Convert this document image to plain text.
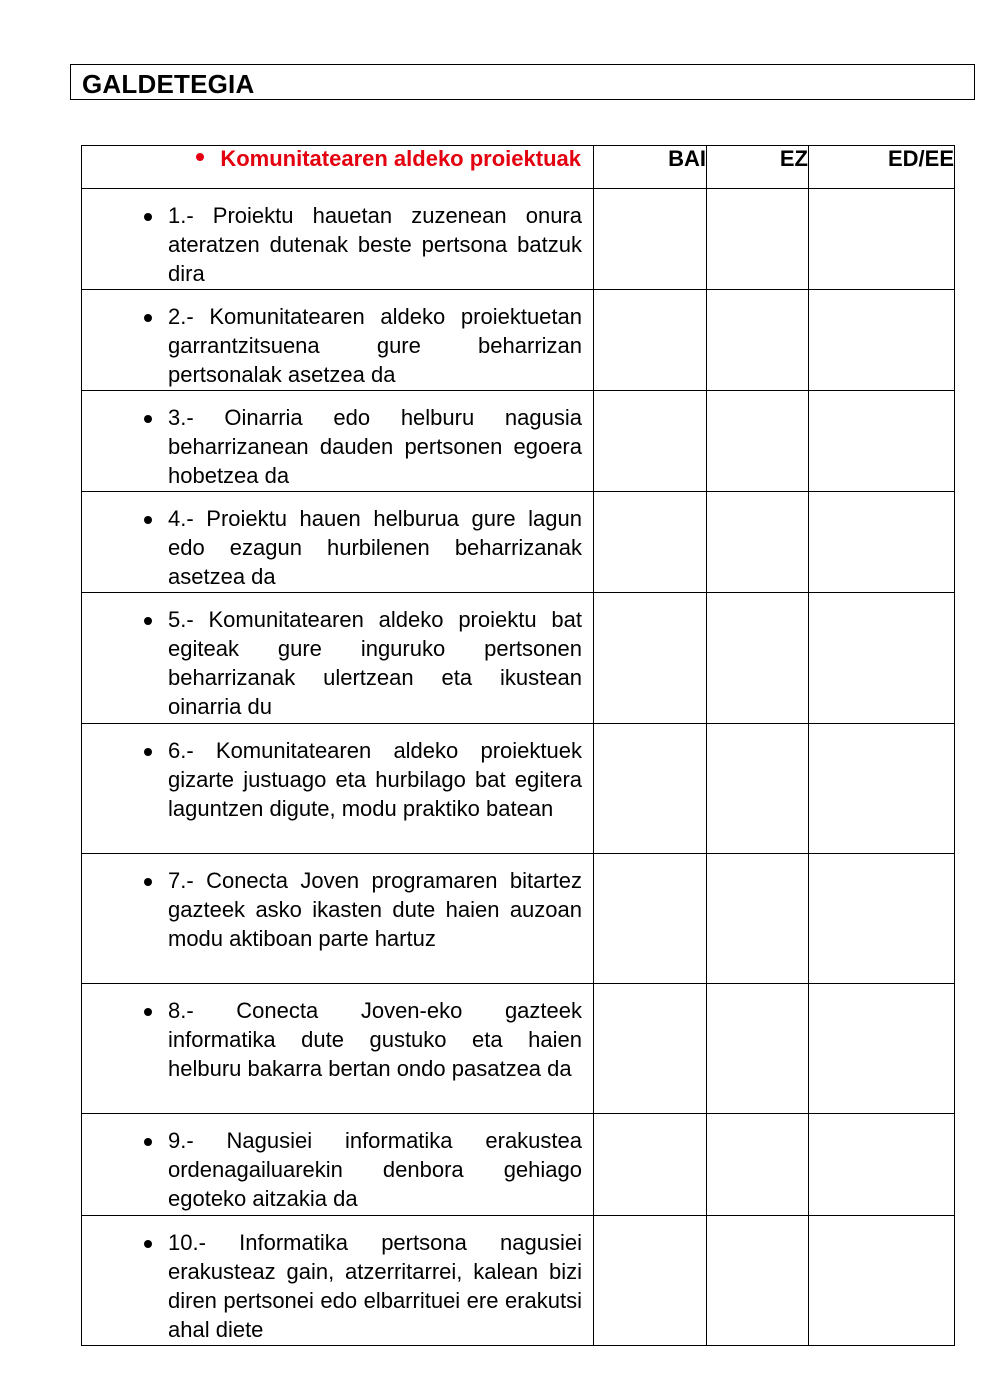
GALDETEGIA
Komunitatearen aldeko proiektuak	BAI	EZ	ED/EE

1.- Proiektu hauetan zuzenean onura ateratzen dutenak beste pertsona batzuk dira			

2.- Komunitatearen aldeko proiektuetan garrantzitsuena gure beharrizan pertsonalak asetzea da			

3.- Oinarria edo helburu nagusia beharrizanean dauden pertsonen egoera hobetzea da			

4.- Proiektu hauen helburua gure lagun edo ezagun hurbilenen beharrizanak asetzea da			

5.- Komunitatearen aldeko proiektu bat egiteak gure inguruko pertsonen beharrizanak ulertzean eta ikustean oinarria du			

6.- Komunitatearen aldeko proiektuek gizarte justuago eta hurbilago bat egitera laguntzen digute, modu praktiko batean			

7.- Conecta Joven programaren bitartez gazteek asko ikasten dute haien auzoan modu aktiboan parte hartuz			

8.- Conecta Joven-eko gazteek informatika dute gustuko eta haien helburu bakarra bertan ondo pasatzea da			

9.- Nagusiei informatika erakustea ordenagailuarekin denbora gehiago egoteko aitzakia da			

10.- Informatika pertsona nagusiei erakusteaz gain, atzerritarrei, kalean bizi diren pertsonei edo elbarrituei ere erakutsi ahal diete			
